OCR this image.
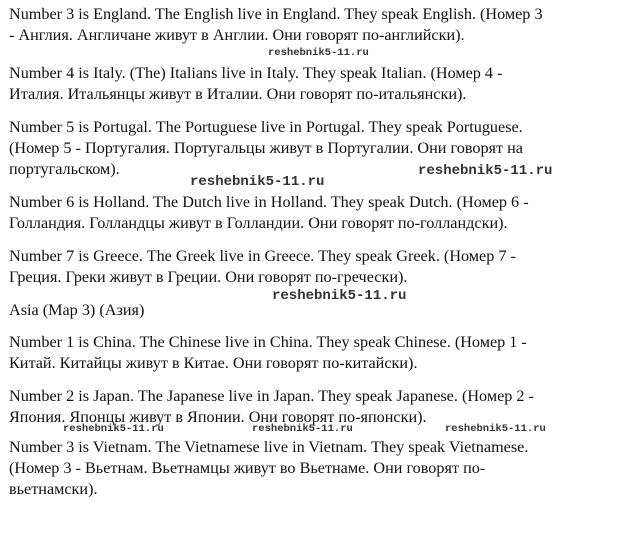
Number 3 is England. The English live in England. They speak English. (Номер 3
- Англия. Англичане живут в Англии. Они говорят по-английски).

Number 4 is Italy. (The) Italians live in Italy. They speak Italian. (Номер 4 -
Италия. Итальянцы живут в Италии. Они говорят по-итальянски).

Number 5 is Portugal. The Portuguese live in Portugal. They speak Portuguese.
(Номер 5 - Португалия. Португальцы живут в Португалии. Они говорят на
португальском).

Number 6 is Holland. The Dutch live in Holland. They speak Dutch. (Номер 6 -
Голландия. Голландцы живут в Голландии. Они говорят по-голландски).

Number 7 is Greece. The Greek live in Greece. They speak Greek. (Номер 7 -
Греция. Греки живут в Греции. Они говорят по-гречески).

Asia (Map 3) (Азия)

Number 1 is China. The Chinese live in China. They speak Chinese. (Номер 1 -
Китай. Китайцы живут в Китае. Они говорят по-китайски).

Number 2 is Japan. The Japanese live in Japan. They speak Japanese. (Номер 2 -
Япония. Японцы живут в Японии. Они говорят по-японски).

Number 3 is Vietnam. The Vietnamese live in Vietnam. They speak Vietnamese.
(Номер 3 - Вьетнам. Вьетнамцы живут во Вьетнаме. Они говорят по-
вьетнамски).

reshebnik5-11.ru
reshebnik5-11.ru
reshebnik5-11.ru
reshebnik5-11.ru
reshebnik5-11.ru	reshebnik5-11.ru	reshebnik5-11.ru
